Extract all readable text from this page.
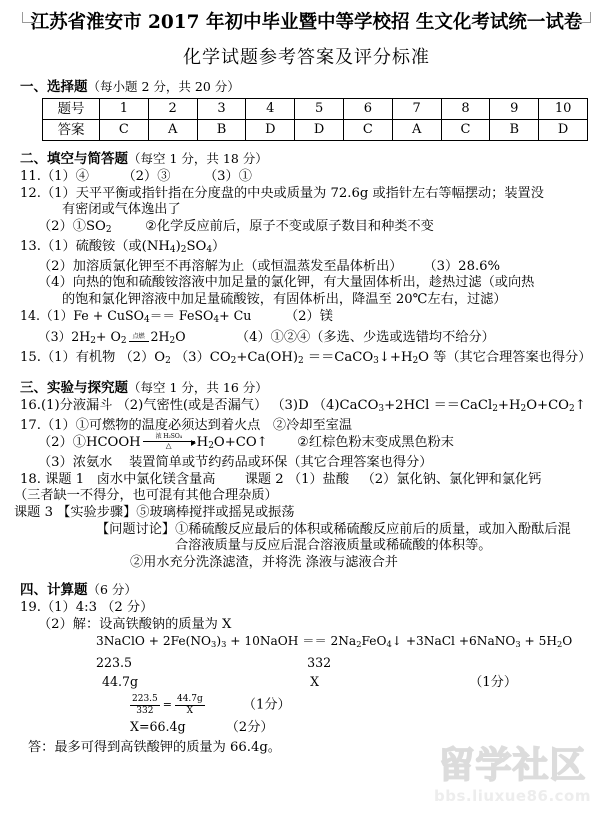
江苏省淮安市 2017 年初中毕业暨中等学校招 生文化考试统一试卷
化学试题参考答案及评分标准
一、选择题（每小题 2 分，共 20 分）
题号	1	2	3	4	5	6	7	8	9	10
答案	C	A	B	D	D	C	A	C	B	D
二、填空与简答题（每空 1 分，共 18 分）

11.（1）④        （2）③        （3）①

12.（1）天平平衡或指针指在分度盘的中央或质量为 72.6g 或指针左右等幅摆动；装置没

有密闭或气体逸出了

$(2)①SO_2$	②化学反应前后，原子不变或原子数目和种类不变

13.（1）硫酸铵（或$(NH_4)_2SO_4$）

（2）加溶质氯化钾至不再溶解为止（或恒温蒸发至晶体析出）     （3）28.6%

（4）向热的饱和硫酸铵溶液中加足量的氯化钾，有大量固体析出，趁热过滤（或向热

的饱和氯化钾溶液中加足量硫酸铵，有固体析出，降温至 20℃左右，过滤）

14.（1）Fe + CuSO$_4$＝＝ FeSO$_4$+ Cu	（2）镁

$(3)2H_2+ O_2$
点燃 $2H_2O$	（4）①②④（多选、少选或选错均不给分）

15.（1）有机物 $(2)O_2$ $(3)CO_2+Ca(OH)_2$ $==CaCO_3↓+H_2O$ 等（其它合理答案也得分）

三、实验与探究题（每空 1 分，共 16 分）

16.(1)分液漏斗 （2)气密性(或是否漏气） （3)D （4)CaCO$_3$+2HCl $==CaCl_2+H_2O+CO_2↑$

17.（1）①可燃物的温度必须达到着火点   ②冷却至室温

（2）①HCOOH	浓 H₂SO₄
△	$H_2O+CO↑$ ②红棕色粉末变成黑色粉末

（3）浓氨水    装置简单或节约药品或环保（其它合理答案也得分）

18. 课题 1   卤水中氯化镁含量高       课题 2 （1）盐酸   （2）氯化钠、氯化钾和氯化钙

（三者缺一不得分，也可混有其他合理杂质）

课题 3 【实验步骤】⑤玻璃棒搅拌或摇晃或振荡

【问题讨论】①稀硫酸反应最后的体积或稀硫酸反应前后的质量，或加入酚酞后混

合溶液质量与反应后混合溶液质量或稀硫酸的体积等。

②用水充分洗涤滤渣，并将洗 涤液与滤液合并

四、计算题（6 分）

19.（1）4:3 （2 分）

（2）解：设高铁酸钠的质量为 X

3NaClO + $2Fe(NO_3)_3$ + 10NaOH ＝＝ $2Na_2FeO_4↓$ +3NaCl +6NaNO$_3$ + $5H_2O$

223.5	332

44.7g	X	（1分）

$\frac{223.5}{332} = \frac{44.7g}{X}$	（1分）

X=66.4g	（2分）

答：最多可得到高铁酸钾的质量为 66.4g。	留学社区
bbs.liuxue86.com
